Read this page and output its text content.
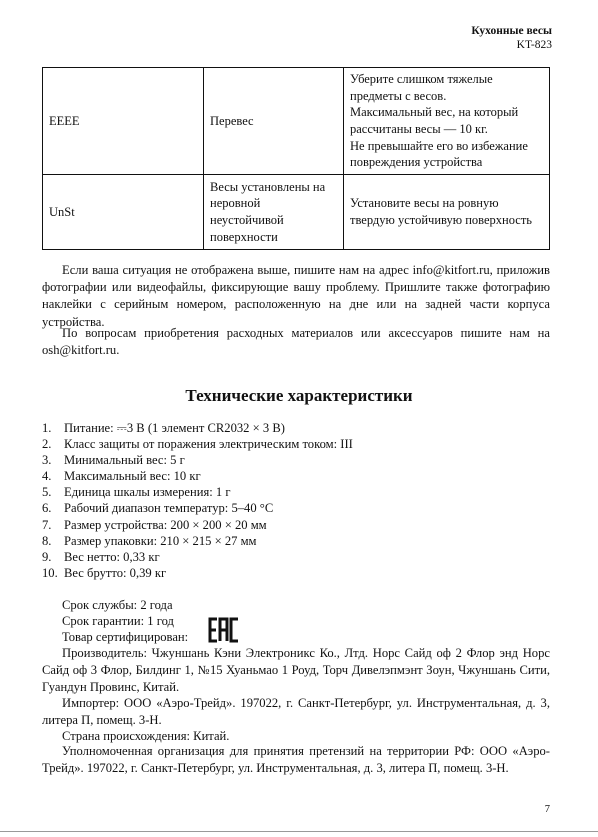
Кухонные весы
KT-823
EEEE	Перевес	Уберите слишком тяжелые предметы с весов.
Максимальный вес, на который рассчитаны весы — 10 кг.
Не превышайте его во избежание повреждения устройства
UnSt	Весы установлены на неровной неустойчивой поверхности	Установите весы на ровную твердую устойчивую поверхность

Если ваша ситуация не отображена выше, пишите нам на адрес info@kitfort.ru, приложив фотографии или видеофайлы, фиксирующие вашу проблему. Пришлите также фотографию наклейки с серийным номером, расположенную на дне или на задней части корпуса устройства.

По вопросам приобретения расходных материалов или аксессуаров пишите нам на osh@kitfort.ru.

Технические характеристики
1. Питание: ⎓3 В (1 элемент CR2032 × 3 В)
2. Класс защиты от поражения электрическим током: III
3. Минимальный вес: 5 г
4. Максимальный вес: 10 кг
5. Единица шкалы измерения: 1 г
6. Рабочий диапазон температур: 5–40 °C
7. Размер устройства: 200 × 200 × 20 мм
8. Размер упаковки: 210 × 215 × 27 мм
9. Вес нетто: 0,33 кг
10. Вес брутто: 0,39 кг
Срок службы: 2 года
Срок гарантии: 1 год
Товар сертифицирован:

Производитель: Чжуншань Кэни Электроникс Ко., Лтд. Норс Сайд оф 2 Флор энд Норс Сайд оф 3 Флор, Билдинг 1, №15 Хуаньмао 1 Роуд, Торч Дивелэпмэнт Зоун, Чжуншань Сити, Гуандун Провинс, Китай.

Импортер: ООО «Аэро-Трейд». 197022, г. Санкт-Петербург, ул. Инструментальная, д. 3, литера П, помещ. 3-Н.

Страна происхождения: Китай.

Уполномоченная организация для принятия претензий на территории РФ: ООО «Аэро-Трейд». 197022, г. Санкт-Петербург, ул. Инструментальная, д. 3, литера П, помещ. 3-Н.

7
